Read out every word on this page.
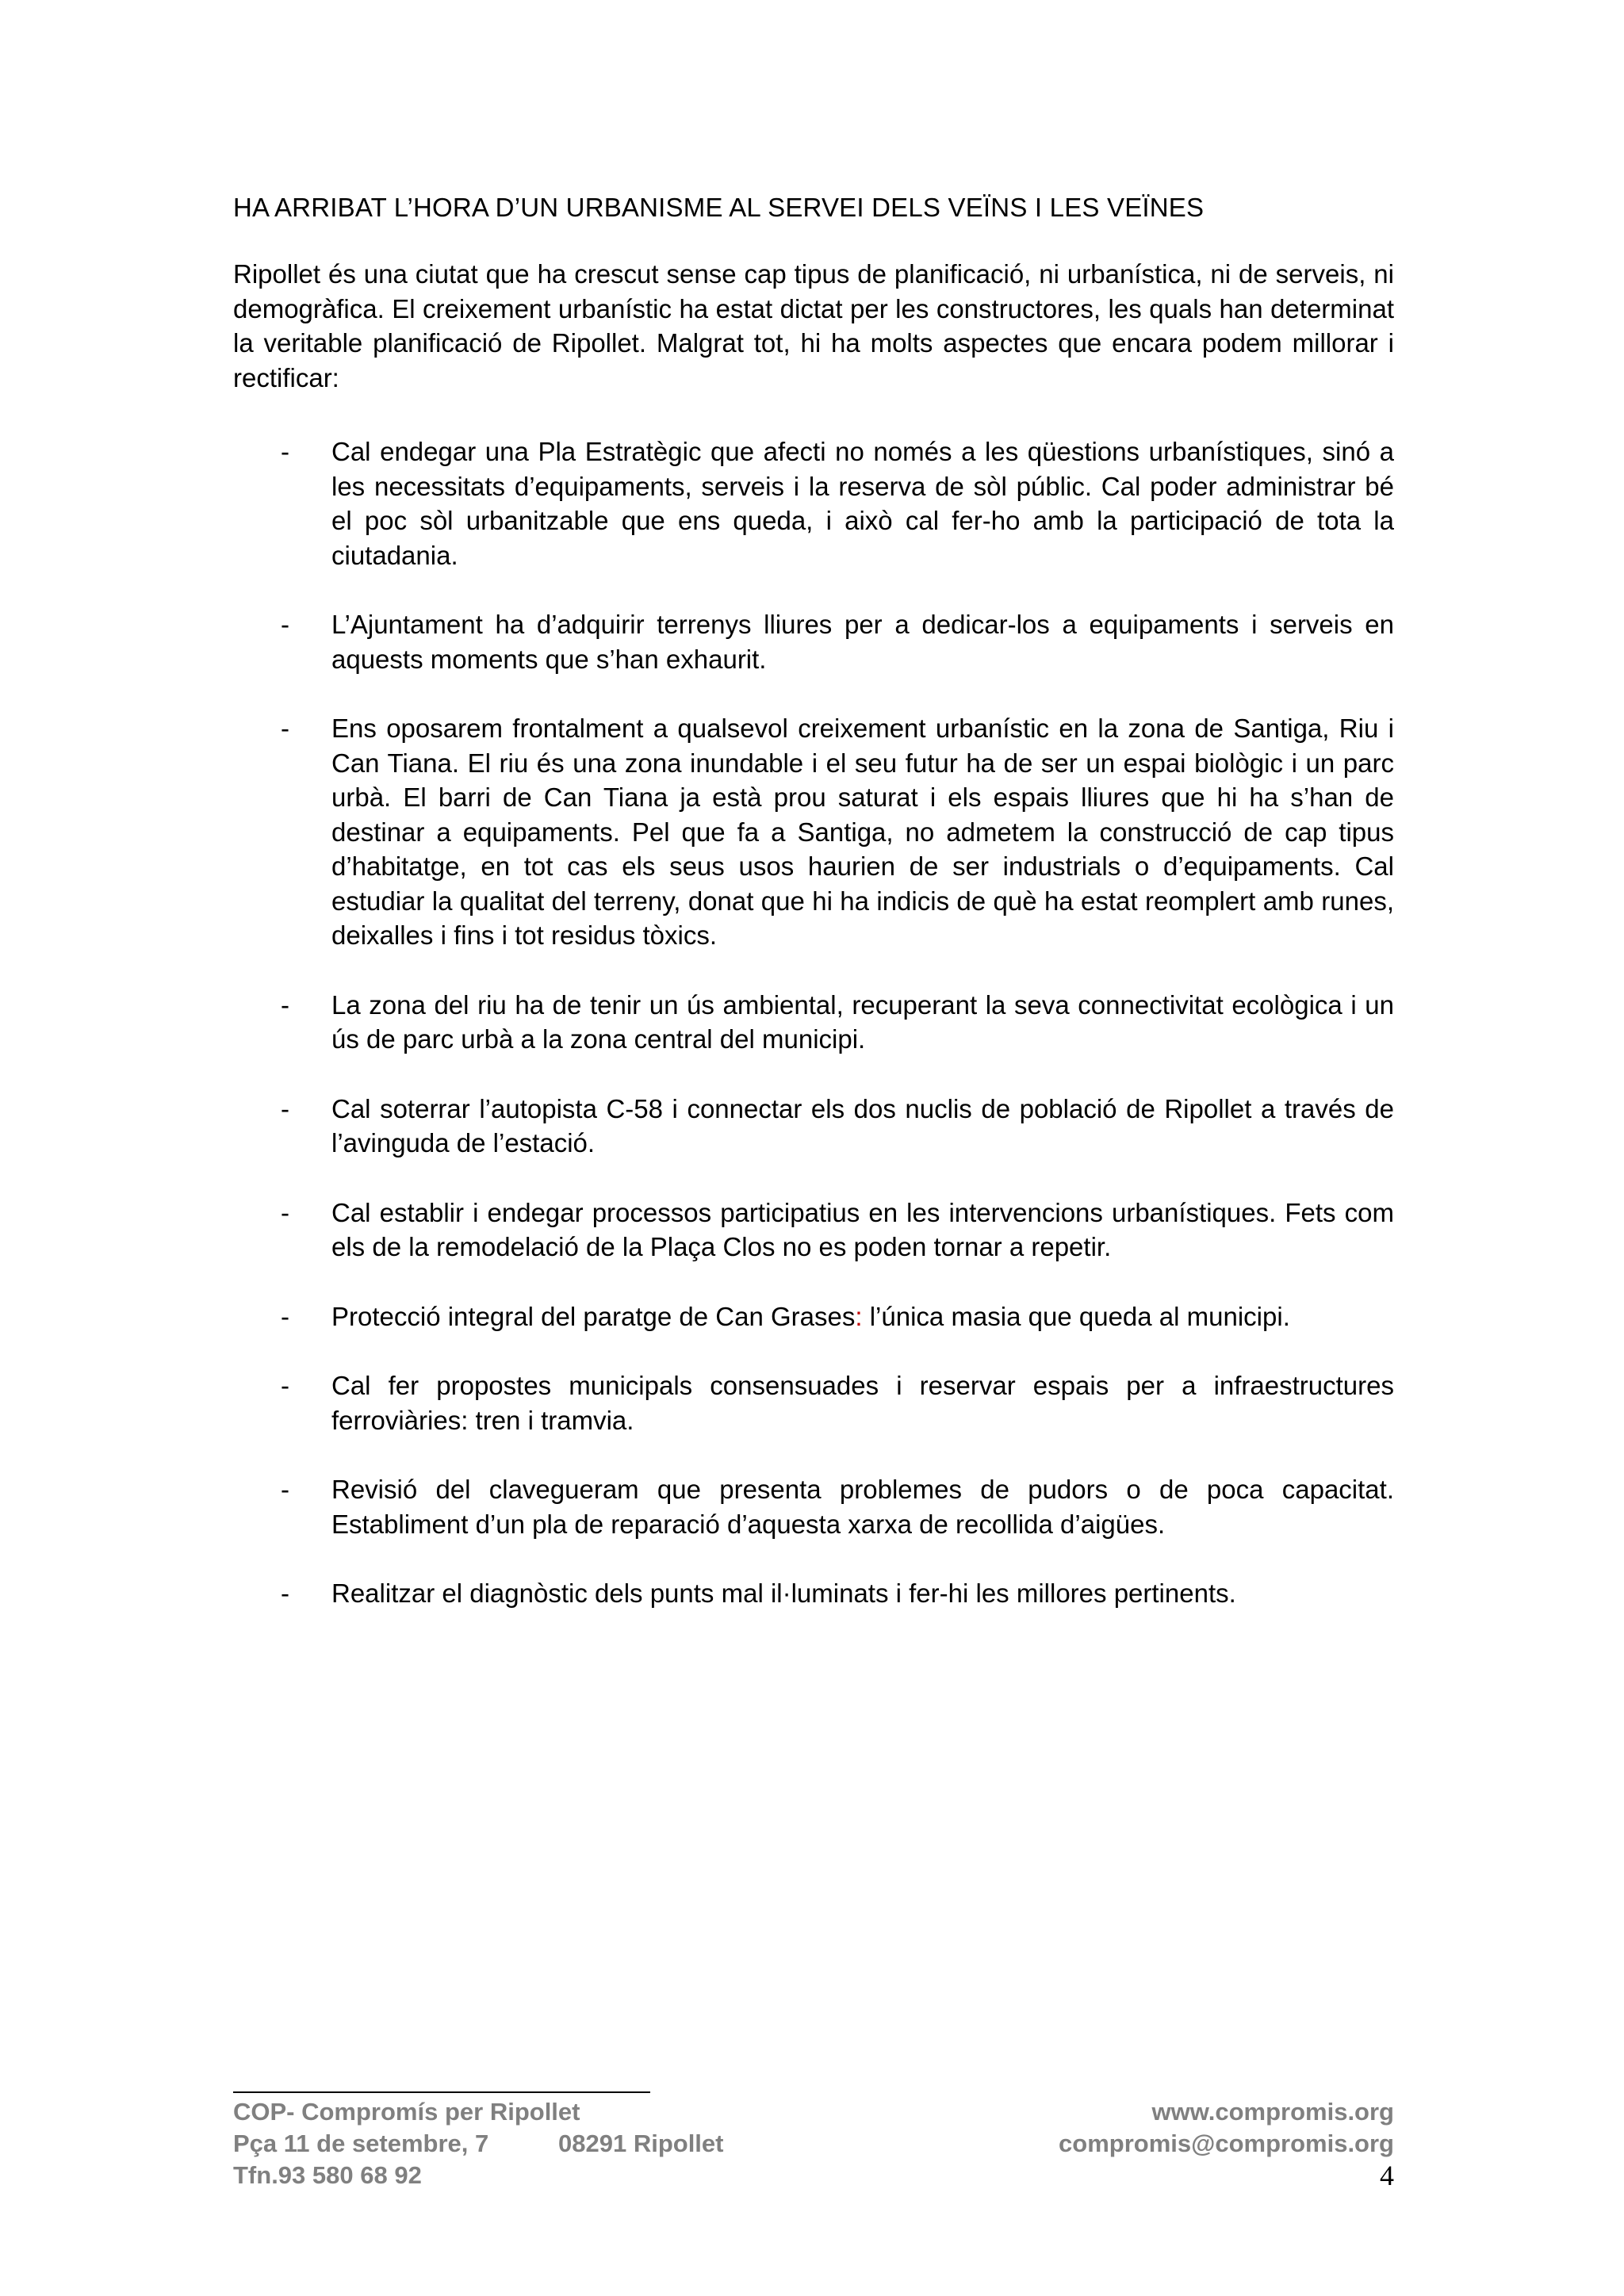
HA ARRIBAT L’HORA D’UN URBANISME AL SERVEI DELS VEÏNS I LES VEÏNES
Ripollet és una ciutat que ha crescut sense cap tipus de planificació, ni urbanística, ni de serveis, ni demogràfica. El creixement urbanístic ha estat dictat per les constructores, les quals han determinat la veritable planificació de Ripollet. Malgrat tot, hi ha molts aspectes que encara podem millorar i rectificar:
- Cal endegar una Pla Estratègic que afecti no només a les qüestions urbanístiques, sinó a les necessitats d’equipaments, serveis i la reserva de sòl públic. Cal poder administrar bé el poc sòl urbanitzable que ens queda, i això cal fer-ho amb la participació de tota la ciutadania.
- L’Ajuntament ha d’adquirir terrenys lliures per a dedicar-los a equipaments i serveis en aquests moments que s’han exhaurit.
- Ens oposarem frontalment a qualsevol creixement urbanístic en la zona de Santiga, Riu i Can Tiana. El riu és una zona inundable i el seu futur ha de ser un espai biològic i un parc urbà. El barri de Can Tiana ja està prou saturat i els espais lliures que hi ha s’han de destinar a equipaments. Pel que fa a Santiga, no admetem la construcció de cap tipus d’habitatge, en tot cas els seus usos haurien de ser industrials o d’equipaments. Cal estudiar la qualitat del terreny, donat que hi ha indicis de què ha estat reomplert amb runes, deixalles i fins i tot residus tòxics.
- La zona del riu ha de tenir un ús ambiental, recuperant la seva connectivitat ecològica i un ús de parc urbà a la zona central del municipi.
- Cal soterrar l’autopista C-58 i connectar els dos nuclis de població de Ripollet a través de l’avinguda de l’estació.
- Cal establir i endegar processos participatius en les intervencions urbanístiques. Fets com els de la remodelació de la Plaça Clos no es poden tornar a repetir.
- Protecció integral del paratge de Can Grases: l’única masia que queda al municipi.
- Cal fer propostes municipals consensuades i reservar espais per a infraestructures ferroviàries: tren i tramvia.
- Revisió del clavegueram que presenta problemes de pudors o de poca capacitat. Establiment d’un pla de reparació d’aquesta xarxa de recollida d’aigües.
- Realitzar el diagnòstic dels punts mal il·luminats i fer-hi les millores pertinents.
COP- Compromís per Ripollet	www.compromis.org
Pça 11 de setembre, 7	08291 Ripollet	compromis@compromis.org
Tfn.93 580 68 92	4
